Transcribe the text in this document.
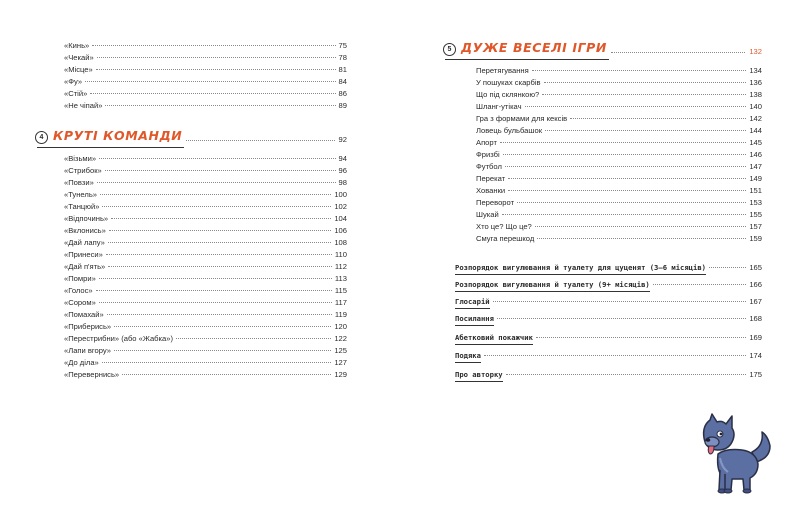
«Кинь»	75
«Чекай»	78
«Місце»	81
«Фу»	84
«Стій»	86
«Не чіпай»	89
4 КРУТІ КОМАНДИ	92
«Візьми»	94
«Стрибок»	96
«Повзи»	98
«Тунель»	100
«Танцюй»	102
«Відпочинь»	104
«Вклонись»	106
«Дай лапу»	108
«Принеси»	110
«Дай п'ять»	112
«Помри»	113
«Голос»	115
«Сором»	117
«Помахай»	119
«Прибeрись»	120
«Перестрибни» (або «Жабка»)	122
«Лапи вгору»	125
«До діла»	127
«Перевернись»	129
5 ДУЖЕ ВЕСЕЛІ ІГРИ	132
Перетягування	134
У пошуках скарбів	136
Що під склянкою?	138
Шланг-утікач	140
Гра з формами для кексів	142
Ловець бульбашок	144
Апорт	145
Фризбі	146
Футбол	147
Перекат	149
Хованки	151
Переворот	153
Шукай	155
Хто це? Що це?	157
Смуга перешкод	159
Розпорядок вигулювання й туалету для цуценят (3–6 місяців)	165
Розпорядок вигулювання й туалету (9+ місяців)	166
Глосарій	167
Посилання	168
Абетковий покажчик	169
Подяка	174
Про авторку	175
